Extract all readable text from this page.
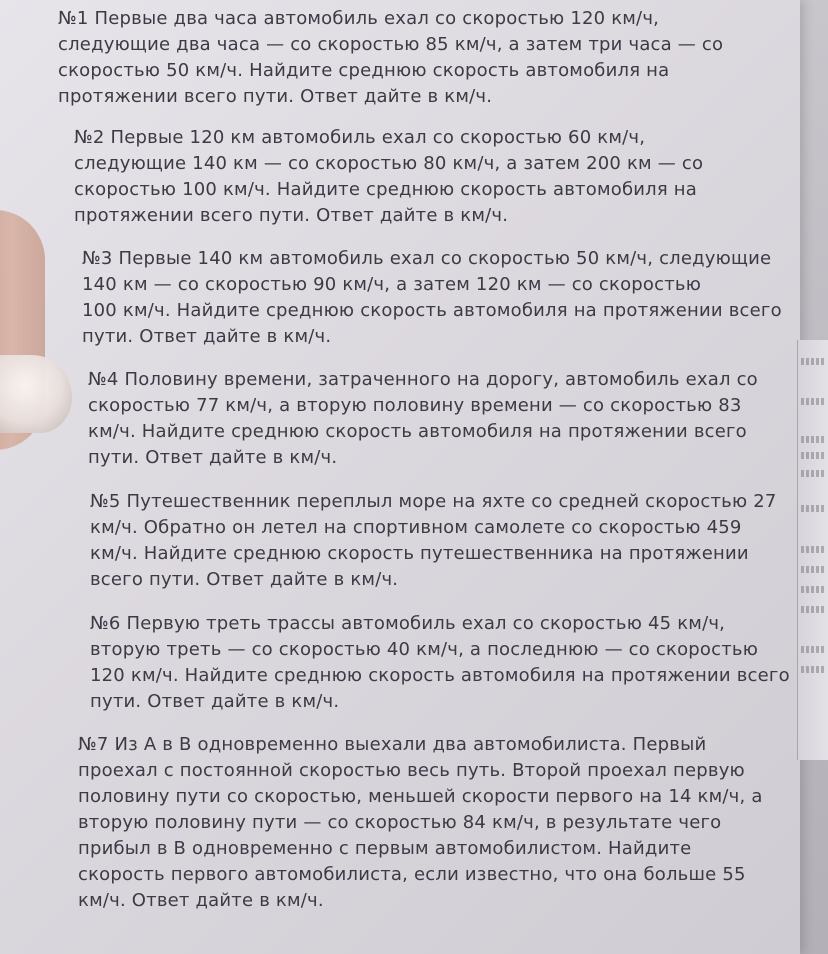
№1 Первые два часа автомобиль ехал со скоростью 120 км/ч,
следующие два часа — со скоростью 85 км/ч, а затем три часа — со
скоростью 50 км/ч. Найдите среднюю скорость автомобиля на
протяжении всего пути. Ответ дайте в км/ч.

№2 Первые 120 км автомобиль ехал со скоростью 60 км/ч,
следующие 140 км — со скоростью 80 км/ч, а затем 200 км — со
скоростью 100 км/ч. Найдите среднюю скорость автомобиля на
протяжении всего пути. Ответ дайте в км/ч.

№3 Первые 140 км автомобиль ехал со скоростью 50 км/ч, следующие
140 км — со скоростью 90 км/ч, а затем 120 км — со скоростью
100 км/ч. Найдите среднюю скорость автомобиля на протяжении всего
пути. Ответ дайте в км/ч.

№4 Половину времени, затраченного на дорогу, автомобиль ехал со
скоростью 77 км/ч, а вторую половину времени — со скоростью 83
км/ч. Найдите среднюю скорость автомобиля на протяжении всего
пути. Ответ дайте в км/ч.

№5 Путешественник переплыл море на яхте со средней скоростью 27
км/ч. Обратно он летел на спортивном самолете со скоростью 459
км/ч. Найдите среднюю скорость путешественника на протяжении
всего пути. Ответ дайте в км/ч.

№6 Первую треть трассы автомобиль ехал со скоростью 45 км/ч,
вторую треть — со скоростью 40 км/ч, а последнюю — со скоростью
120 км/ч. Найдите среднюю скорость автомобиля на протяжении всего
пути. Ответ дайте в км/ч.

№7 Из А в В одновременно выехали два автомобилиста. Первый
проехал с постоянной скоростью весь путь. Второй проехал первую
половину пути со скоростью, меньшей скорости первого на 14 км/ч, а
вторую половину пути — со скоростью 84 км/ч, в результате чего
прибыл в В одновременно с первым автомобилистом. Найдите
скорость первого автомобилиста, если известно, что она больше 55
км/ч. Ответ дайте в км/ч.
